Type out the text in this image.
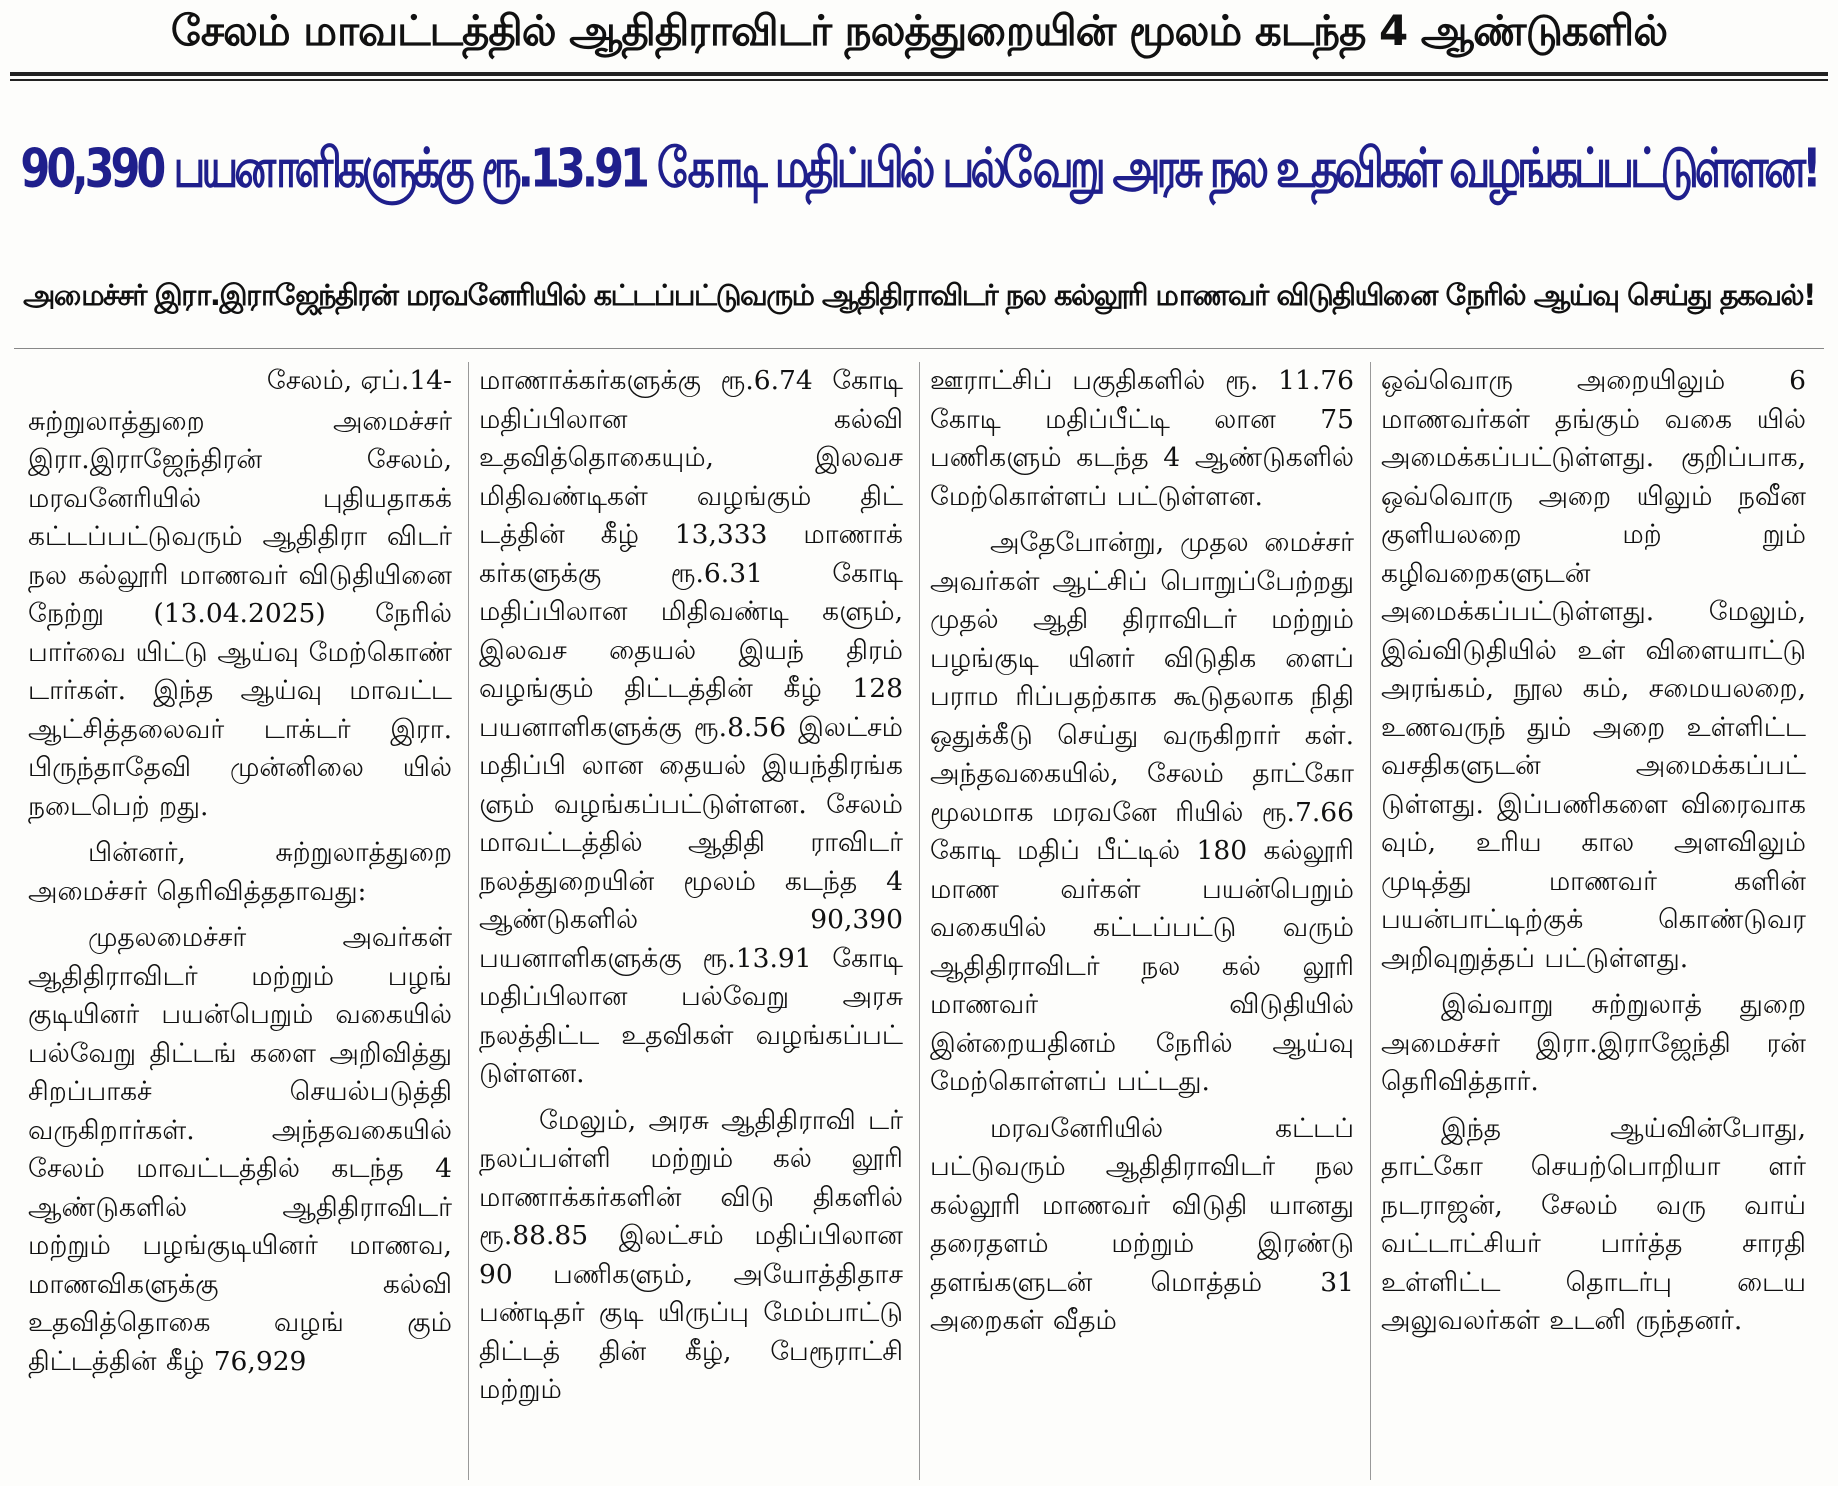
சேலம் மாவட்டத்தில் ஆதிதிராவிடர் நலத்துறையின் மூலம் கடந்த 4 ஆண்டுகளில்
90,390 பயனாளிகளுக்கு ரூ.13.91 கோடி மதிப்பில் பல்வேறு அரசு நல உதவிகள் வழங்கப்பட்டுள்ளன!
அமைச்சர் இரா.இராஜேந்திரன் மரவனேரியில் கட்டப்பட்டுவரும் ஆதிதிராவிடர் நல கல்லூரி மாணவர் விடுதியினை நேரில் ஆய்வு செய்து தகவல்!
சேலம், ஏப்.14-

சுற்றுலாத்துறை அமைச்சர் இரா.இராஜேந்திரன் சேலம், மரவனேரியில் புதியதாகக் கட்டப்பட்டுவரும் ஆதிதிரா விடர் நல கல்லூரி மாணவர் விடுதியினை நேற்று (13.04.2025) நேரில் பார்வை யிட்டு ஆய்வு மேற்கொண் டார்கள். இந்த ஆய்வு மாவட்ட ஆட்சித்தலைவர் டாக்டர் இரா. பிருந்தாதேவி முன்னிலை யில் நடைபெற் றது.

பின்னர், சுற்றுலாத்துறை அமைச்சர் தெரிவித்ததாவது:

முதலமைச்சர் அவர்கள் ஆதிதிராவிடர் மற்றும் பழங் குடியினர் பயன்பெறும் வகையில் பல்வேறு திட்டங் களை அறிவித்து சிறப்பாகச் செயல்படுத்தி வருகிறார்கள். அந்தவகையில் சேலம் மாவட்டத்தில் கடந்த 4 ஆண்டுகளில் ஆதிதிராவிடர் மற்றும் பழங்குடியினர் மாணவ, மாணவிகளுக்கு கல்வி உதவித்தொகை வழங் கும் திட்டத்தின் கீழ் 76,929

மாணாக்கர்களுக்கு ரூ.6.74 கோடி மதிப்பிலான கல்வி உதவித்தொகையும், இலவச மிதிவண்டிகள் வழங்கும் திட் டத்தின் கீழ் 13,333 மாணாக் கர்களுக்கு ரூ.6.31 கோடி மதிப்பிலான மிதிவண்டி களும், இலவச தையல் இயந் திரம் வழங்கும் திட்டத்தின் கீழ் 128 பயனாளிகளுக்கு ரூ.8.56 இலட்சம் மதிப்பி லான தையல் இயந்திரங்க ளும் வழங்கப்பட்டுள்ளன. சேலம் மாவட்டத்தில் ஆதிதி ராவிடர் நலத்துறையின் மூலம் கடந்த 4 ஆண்டுகளில் 90,390 பயனாளிகளுக்கு ரூ.13.91 கோடி மதிப்பிலான பல்வேறு அரசு நலத்திட்ட உதவிகள் வழங்கப்பட் டுள்ளன.

மேலும், அரசு ஆதிதிராவி டர் நலப்பள்ளி மற்றும் கல் லூரி மாணாக்கர்களின் விடு திகளில் ரூ.88.85 இலட்சம் மதிப்பிலான 90 பணிகளும், அயோத்திதாச பண்டிதர் குடி யிருப்பு மேம்பாட்டு திட்டத் தின் கீழ், பேரூராட்சி மற்றும்

ஊராட்சிப் பகுதிகளில் ரூ. 11.76 கோடி மதிப்பீட்டி லான 75 பணிகளும் கடந்த 4 ஆண்டுகளில் மேற்கொள்ளப் பட்டுள்ளன.

அதேபோன்று, முதல மைச்சர் அவர்கள் ஆட்சிப் பொறுப்பேற்றது முதல் ஆதி திராவிடர் மற்றும் பழங்குடி யினர் விடுதிக ளைப் பராம ரிப்பதற்காக கூடுதலாக நிதி ஒதுக்கீடு செய்து வருகிறார் கள். அந்தவகையில், சேலம் தாட்கோ மூலமாக மரவனே ரியில் ரூ.7.66 கோடி மதிப் பீட்டில் 180 கல்லூரி மாண வர்கள் பயன்பெறும் வகையில் கட்டப்பட்டு வரும் ஆதிதிராவிடர் நல கல் லூரி மாணவர் விடுதியில் இன்றையதினம் நேரில் ஆய்வு மேற்கொள்ளப் பட்டது.

மரவனேரியில் கட்டப் பட்டுவரும் ஆதிதிராவிடர் நல கல்லூரி மாணவர் விடுதி யானது தரைதளம் மற்றும் இரண்டு தளங்களுடன் மொத்தம் 31 அறைகள் வீதம்

ஒவ்வொரு அறையிலும் 6 மாணவர்கள் தங்கும் வகை யில் அமைக்கப்பட்டுள்ளது. குறிப்பாக, ஒவ்வொரு அறை யிலும் நவீன குளியலறை மற் றும் கழிவறைகளுடன் அமைக்கப்பட்டுள்ளது. மேலும், இவ்விடுதியில் உள் விளையாட்டு அரங்கம், நூல கம், சமையலறை, உணவருந் தும் அறை உள்ளிட்ட வசதிகளுடன் அமைக்கப்பட் டுள்ளது. இப்பணிகளை விரைவாக வும், உரிய கால அளவிலும் முடித்து மாணவர் களின் பயன்பாட்டிற்குக் கொண்டுவர அறிவுறுத்தப் பட்டுள்ளது.

இவ்வாறு சுற்றுலாத் துறை அமைச்சர் இரா.இராஜேந்தி ரன் தெரிவித்தார்.

இந்த ஆய்வின்போது, தாட்கோ செயற்பொறியா ளர் நடராஜன், சேலம் வரு வாய் வட்டாட்சியர் பார்த்த சாரதி உள்ளிட்ட தொடர்பு டைய அலுவலர்கள் உடனி ருந்தனர்.
